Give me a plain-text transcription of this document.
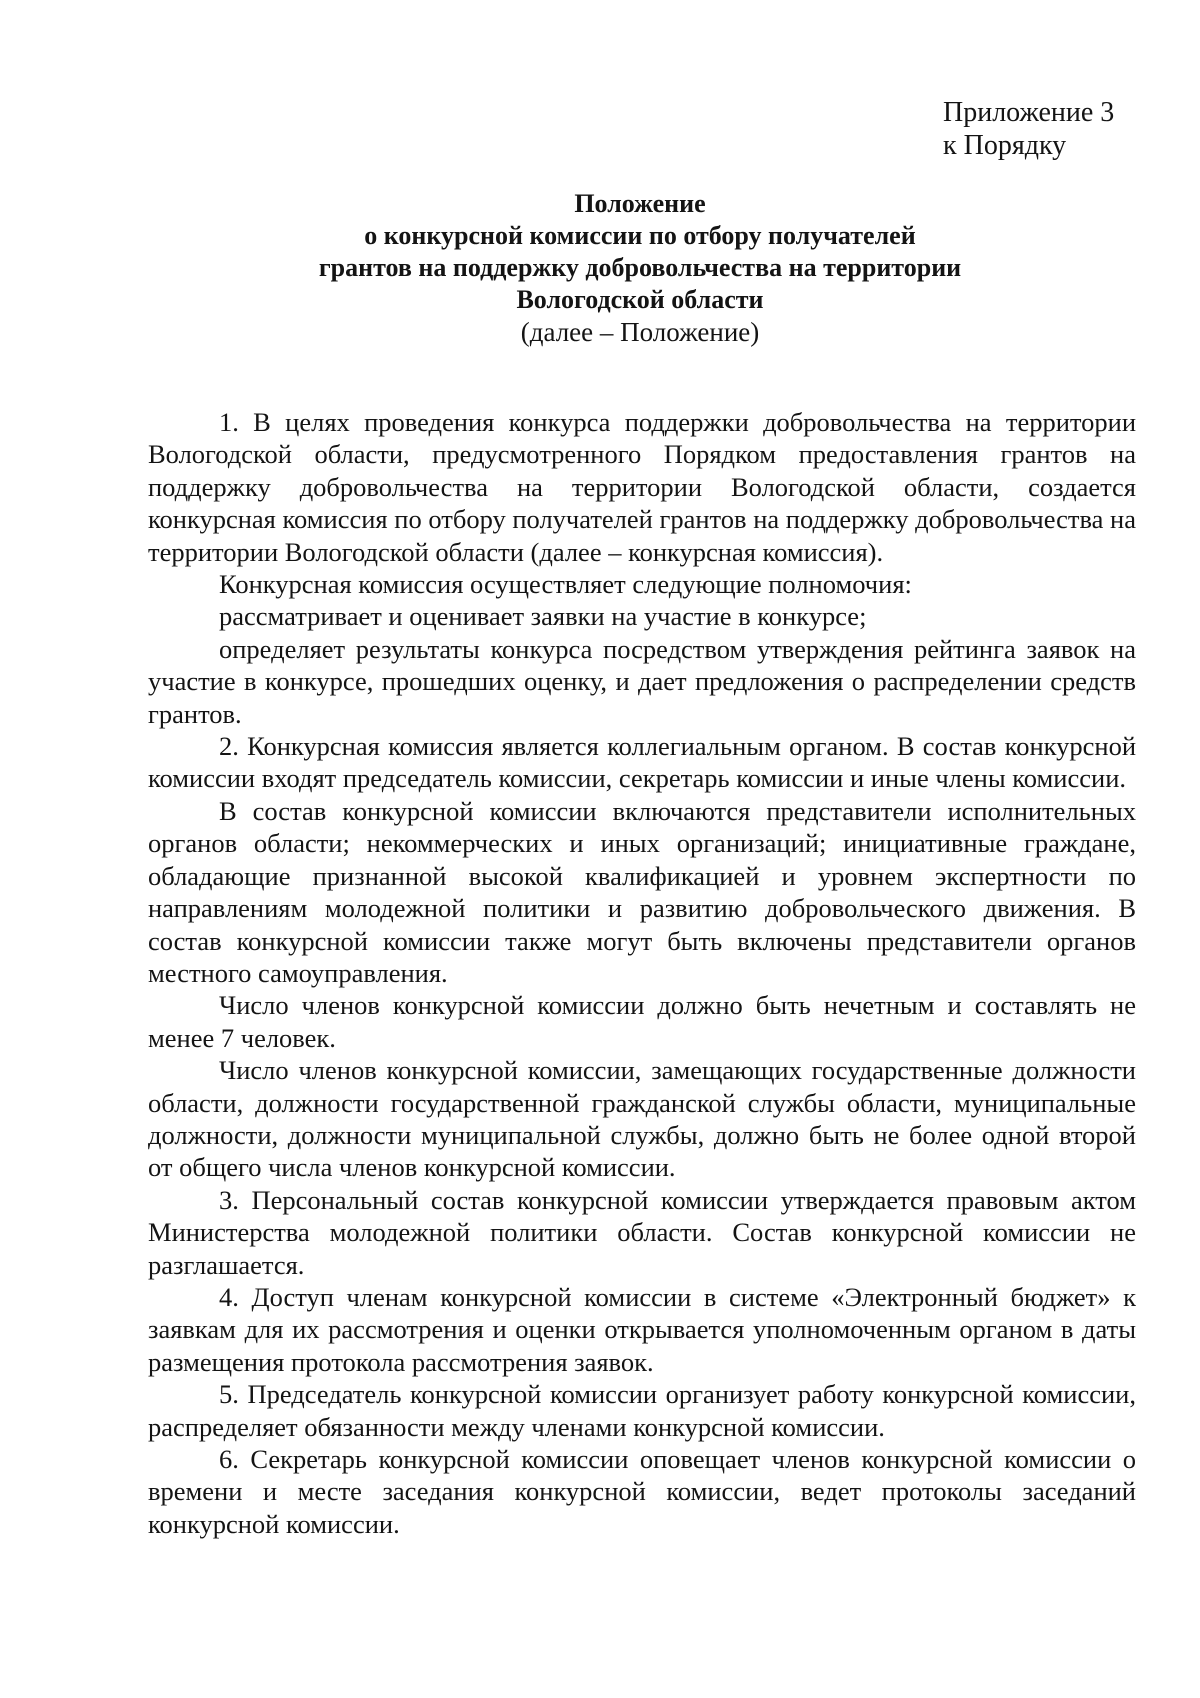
Приложение 3
к Порядку
Положение
о конкурсной комиссии по отбору получателей
грантов на поддержку добровольчества на территории
Вологодской области
(далее – Положение)

1. В целях проведения конкурса поддержки добровольчества на территории Вологодской области, предусмотренного Порядком предоставления грантов на поддержку добровольчества на территории Вологодской области, создается конкурсная комиссия по отбору получателей грантов на поддержку добровольчества на территории Вологодской области (далее – конкурсная комиссия).

Конкурсная комиссия осуществляет следующие полномочия:

рассматривает и оценивает заявки на участие в конкурсе;

определяет результаты конкурса посредством утверждения рейтинга заявок на участие в конкурсе, прошедших оценку, и дает предложения о распределении средств грантов.

2. Конкурсная комиссия является коллегиальным органом. В состав конкурсной комиссии входят председатель комиссии, секретарь комиссии и иные члены комиссии.

В состав конкурсной комиссии включаются представители исполнительных органов области; некоммерческих и иных организаций; инициативные граждане, обладающие признанной высокой квалификацией и уровнем экспертности по направлениям молодежной политики и развитию добровольческого движения. В состав конкурсной комиссии также могут быть включены представители органов местного самоуправления.

Число членов конкурсной комиссии должно быть нечетным и составлять не менее 7 человек.

Число членов конкурсной комиссии, замещающих государственные должности области, должности государственной гражданской службы области, муниципальные должности, должности муниципальной службы, должно быть не более одной второй от общего числа членов конкурсной комиссии.

3. Персональный состав конкурсной комиссии утверждается правовым актом Министерства молодежной политики области. Состав конкурсной комиссии не разглашается.

4. Доступ членам конкурсной комиссии в системе «Электронный бюджет» к заявкам для их рассмотрения и оценки открывается уполномоченным органом в даты размещения протокола рассмотрения заявок.

5. Председатель конкурсной комиссии организует работу конкурсной комиссии, распределяет обязанности между членами конкурсной комиссии.

6. Секретарь конкурсной комиссии оповещает членов конкурсной комиссии о времени и месте заседания конкурсной комиссии, ведет протоколы заседаний конкурсной комиссии.
